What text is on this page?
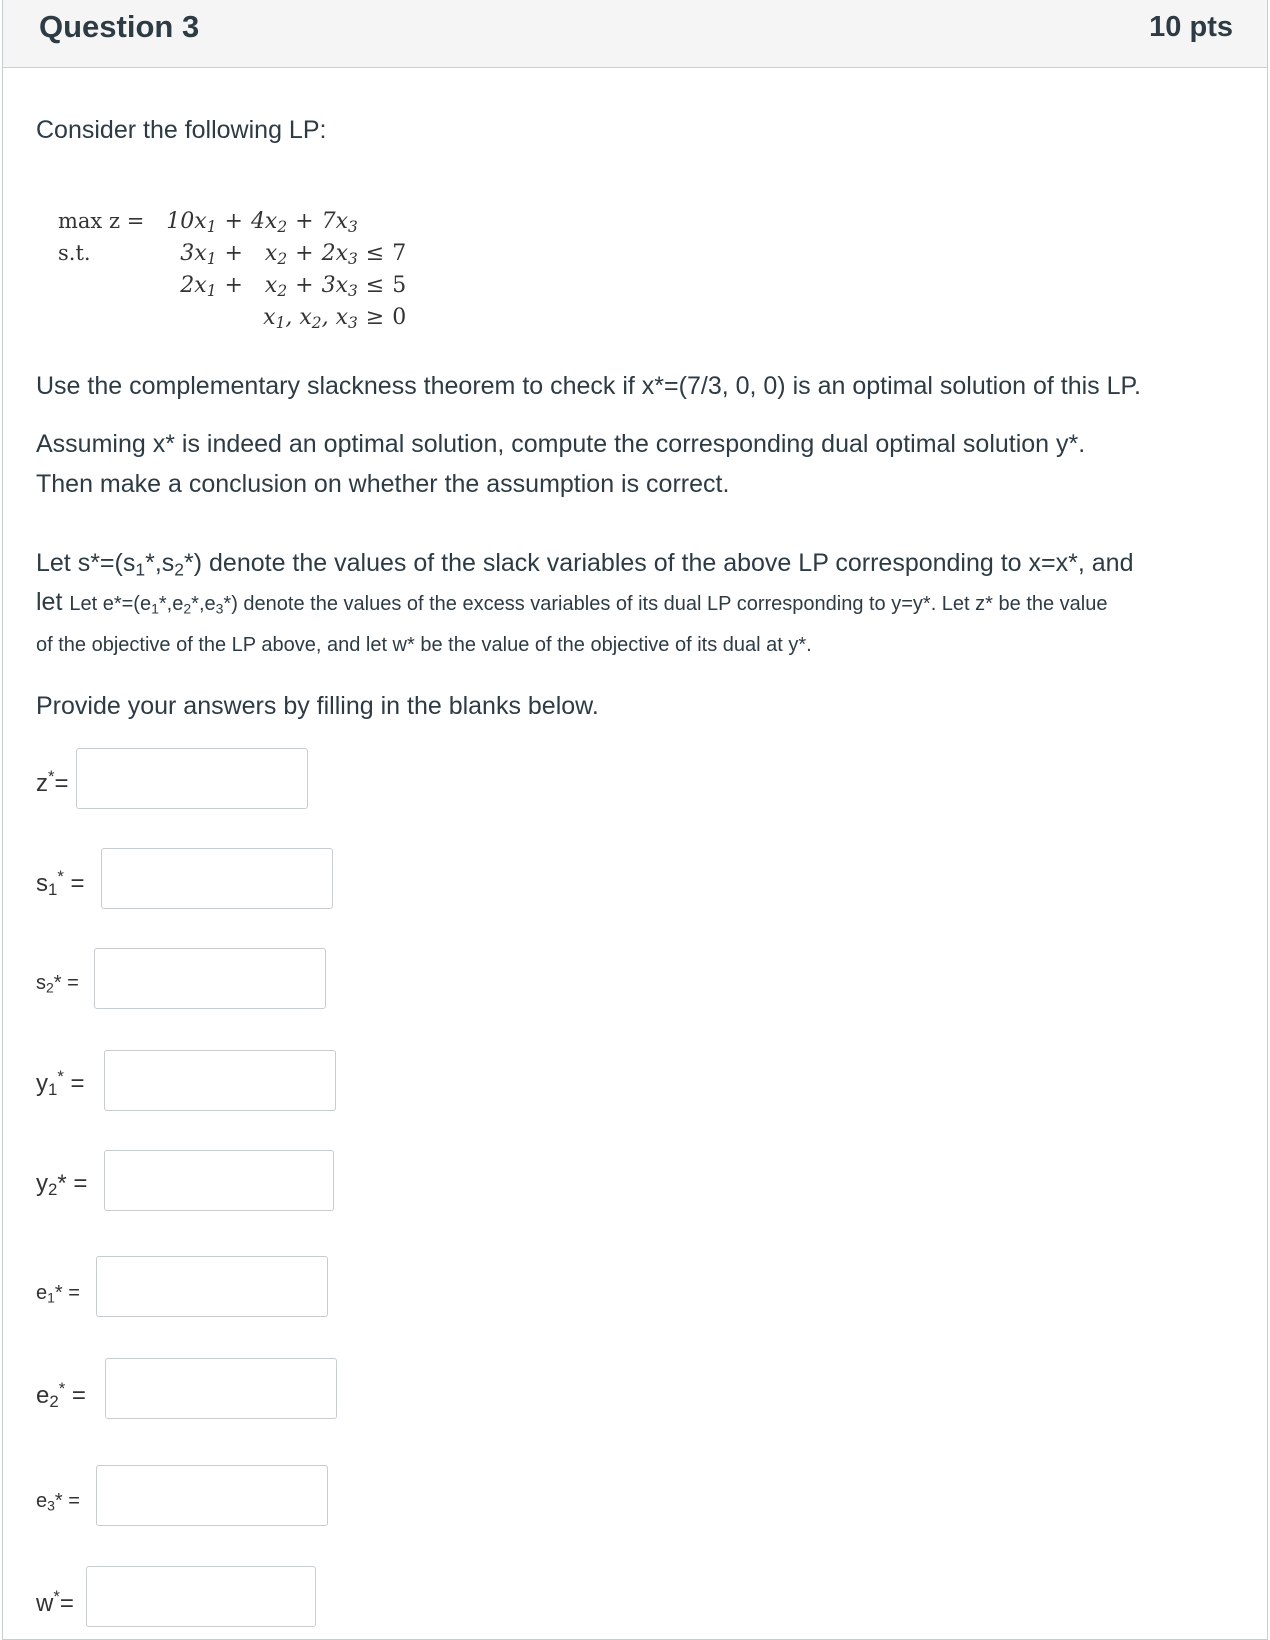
Question 3	10 pts
Consider the following LP:
max z =	$10x_1$	+	$4x_2$	+	$7x_3$		
s.t.	$3x_1$	+	$x_2$	+	$2x_3$	≤	7
	$2x_1$	+	$x_2$	+	$3x_3$	≤	5
	$x_1$, $x_2$, $x_3$					≥	0
Use the complementary slackness theorem to check if x*=(7/3, 0, 0) is an optimal solution of this LP.
Assuming x* is indeed an optimal solution, compute the corresponding dual optimal solution y*.
Then make a conclusion on whether the assumption is correct.
Let $s*=(s_1*,s_2*)$ denote the values of the slack variables of the above LP corresponding to x=x*, and
let Let $e*=(e_1*,e_2*,e_3*)$ denote the values of the excess variables of its dual LP corresponding to y=y*. Let z* be the value
of the objective of the LP above, and let w* be the value of the objective of its dual at y*.
Provide your answers by filling in the blanks below.
z*=
$s_1^*$ =
$s_2*$ =
$y_1^*$ =
$y_2*$ =
$e_1*$ =
$e_2^*$ =
$e_3*$ =
w*=
